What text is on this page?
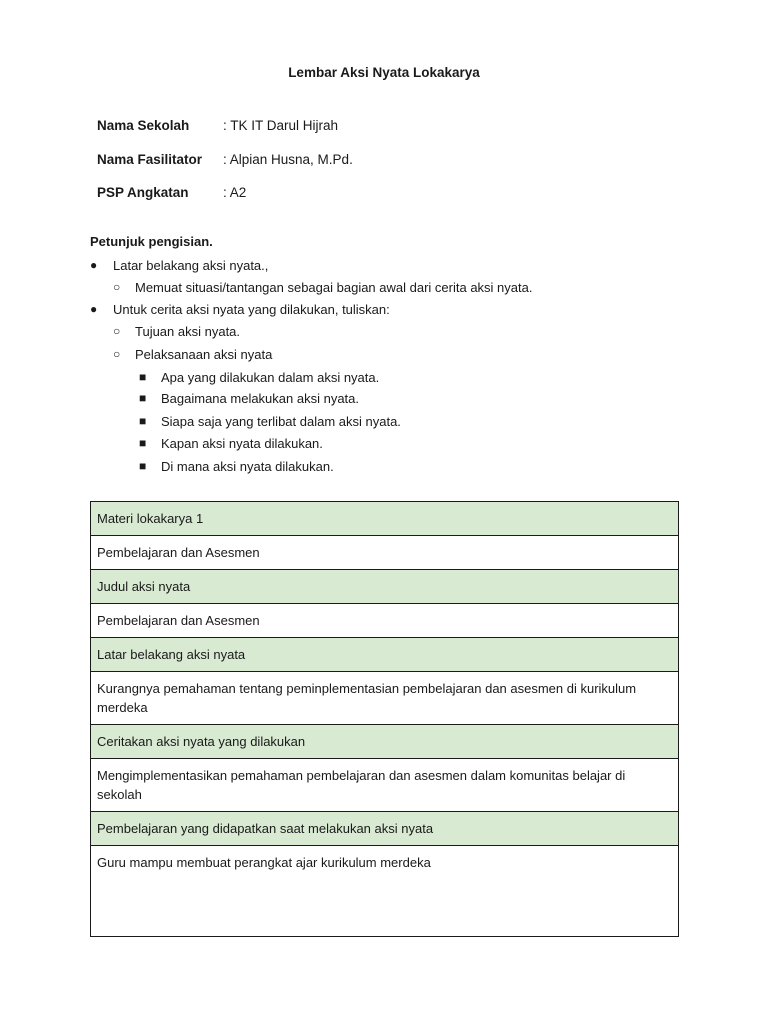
Lembar Aksi Nyata Lokakarya
Nama Sekolah : TK IT Darul Hijrah
Nama Fasilitator : Alpian Husna, M.Pd.
PSP Angkatan	: A2
Petunjuk pengisian.
● Latar belakang aksi nyata.,
○ Memuat situasi/tantangan sebagai bagian awal dari cerita aksi nyata.
● Untuk cerita aksi nyata yang dilakukan, tuliskan:
○ Tujuan aksi nyata.
○ Pelaksanaan aksi nyata
■ Apa yang dilakukan dalam aksi nyata.
■ Bagaimana melakukan aksi nyata.
■ Siapa saja yang terlibat dalam aksi nyata.
■ Kapan aksi nyata dilakukan.
■ Di mana aksi nyata dilakukan.
Materi lokakarya 1
Pembelajaran dan Asesmen
Judul aksi nyata
Pembelajaran dan Asesmen
Latar belakang aksi nyata
Kurangnya pemahaman tentang peminplementasian pembelajaran dan asesmen di kurikulum merdeka
Ceritakan aksi nyata yang dilakukan
Mengimplementasikan pemahaman pembelajaran dan asesmen dalam komunitas belajar di sekolah
Pembelajaran yang didapatkan saat melakukan aksi nyata
Guru mampu membuat perangkat ajar kurikulum merdeka
